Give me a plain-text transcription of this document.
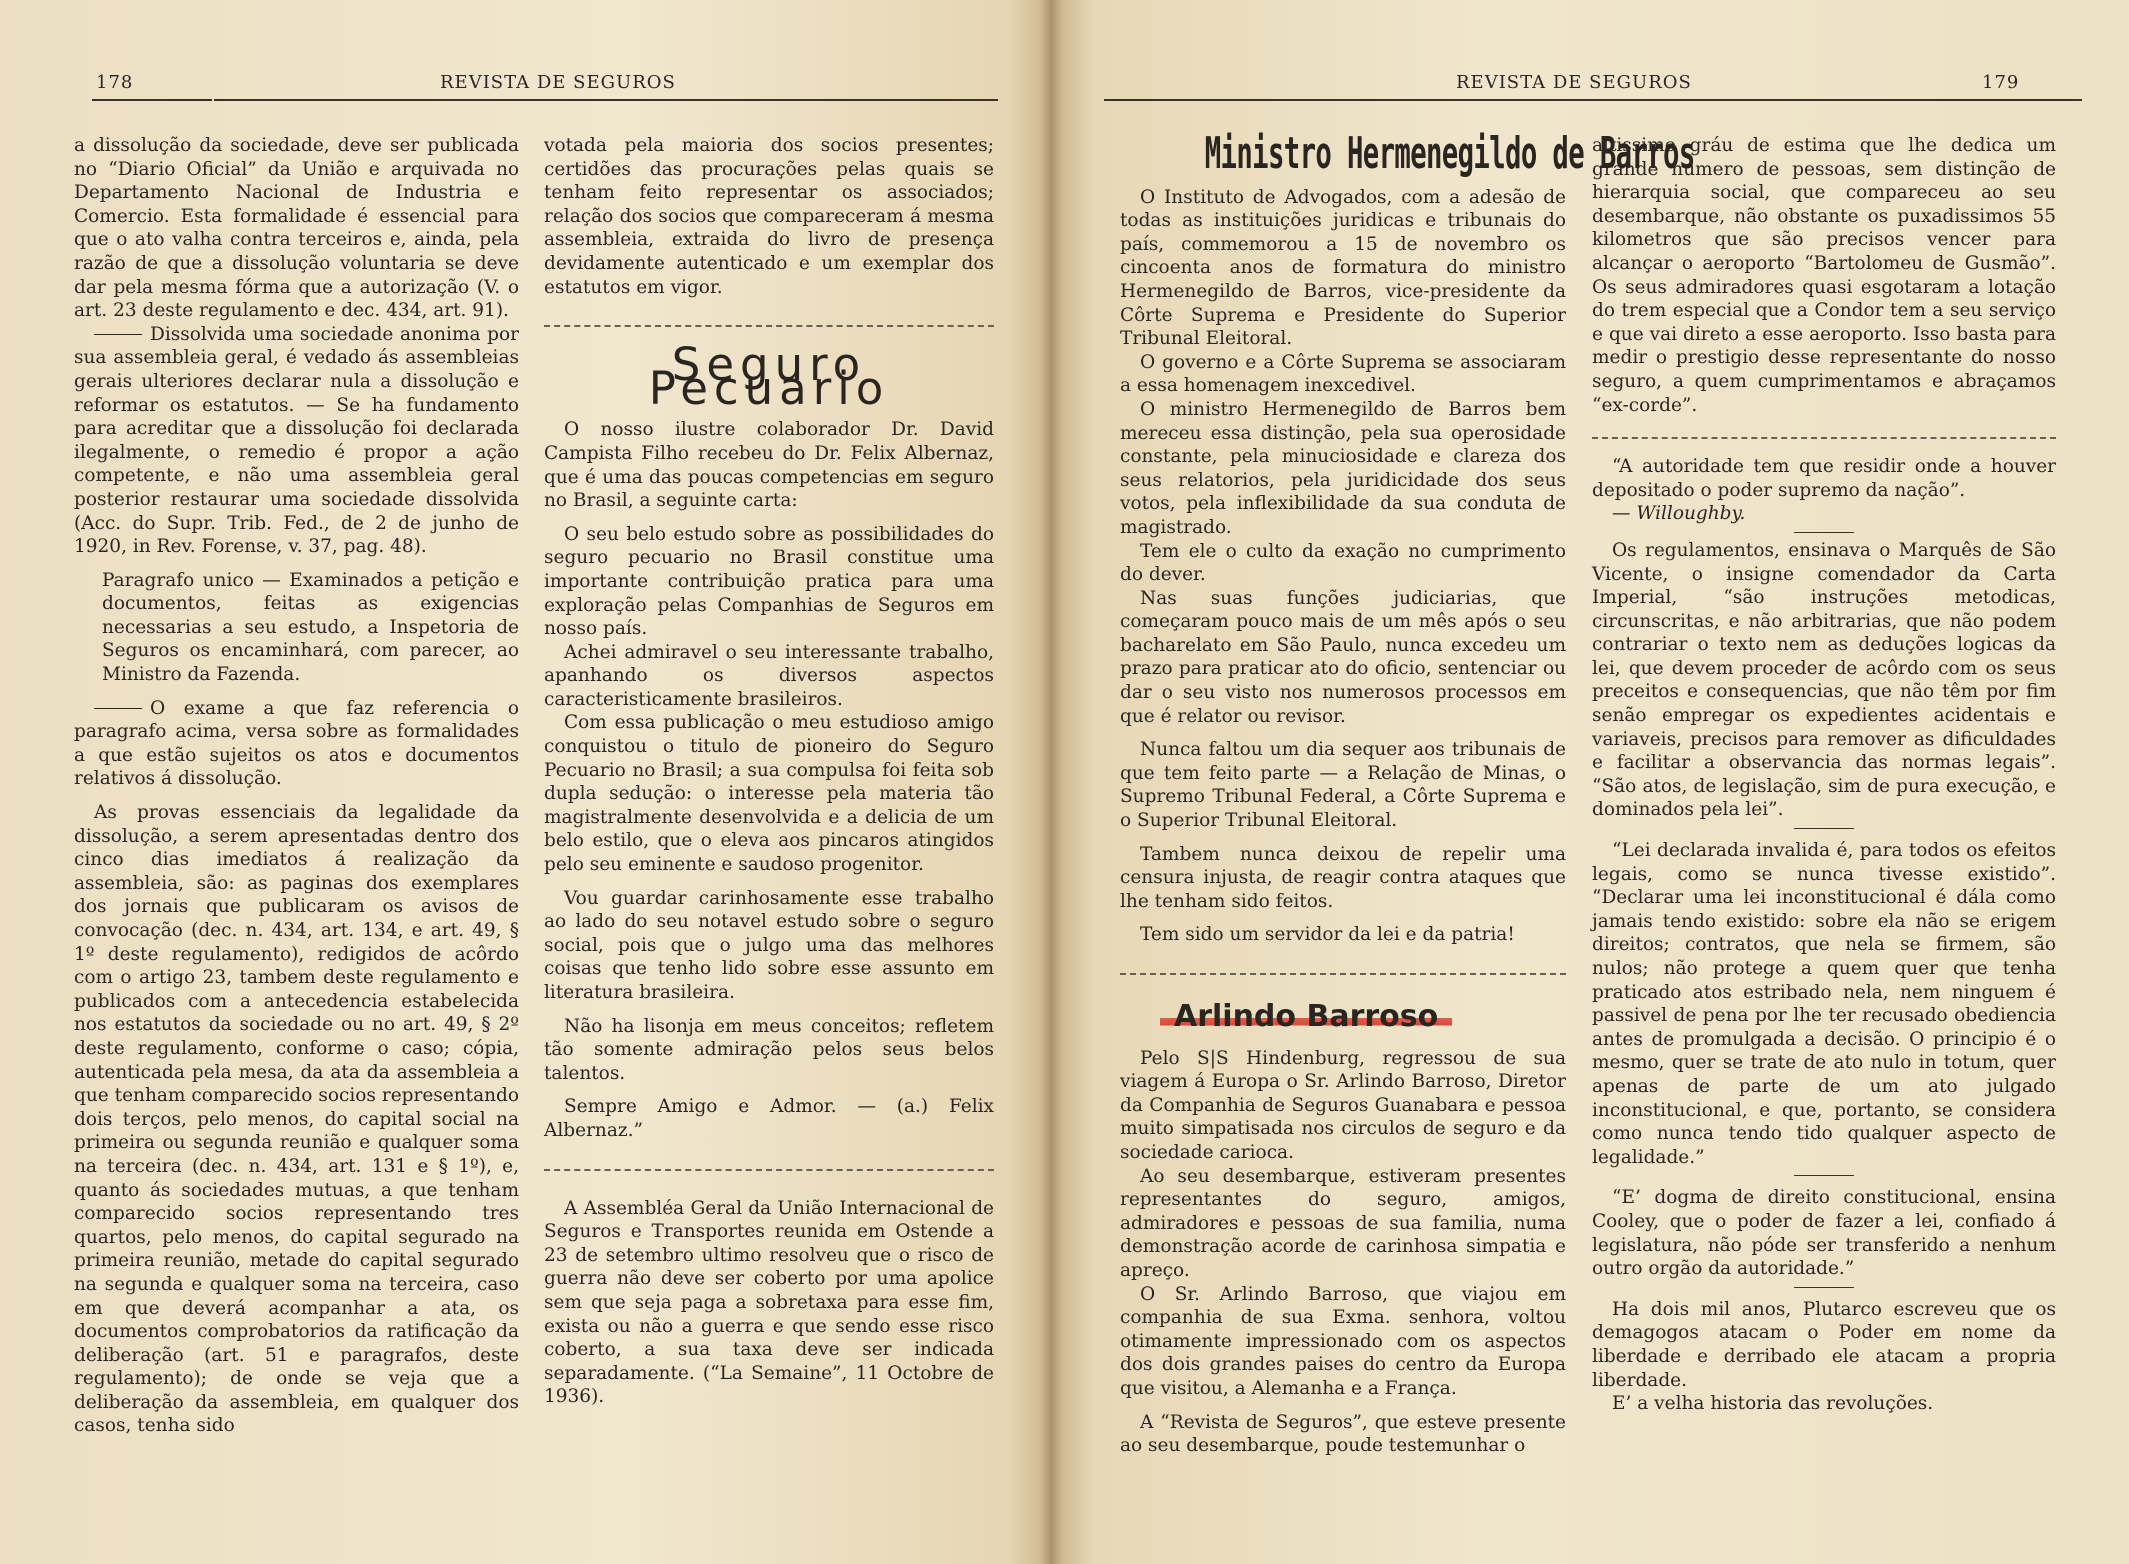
178	REVISTA DE SEGUROS

a dissolução da sociedade, deve ser publicada no “Diario Oficial” da União e arquivada no Departamento Nacional de Industria e Comercio. Esta formalidade é essencial para que o ato valha contra terceiros e, ainda, pela razão de que a dissolução voluntaria se deve dar pela mesma fórma que a autorização (V. o art. 23 deste regulamento e dec. 434, art. 91).

Dissolvida uma sociedade anonima por sua assembleia geral, é vedado ás assembleias gerais ulteriores declarar nula a dissolução e reformar os estatutos. — Se ha fundamento para acreditar que a dissolução foi declarada ilegalmente, o remedio é propor a ação competente, e não uma assembleia geral posterior restaurar uma sociedade dissolvida (Acc. do Supr. Trib. Fed., de 2 de junho de 1920, in Rev. Forense, v. 37, pag. 48).

Paragrafo unico — Examinados a petição e documentos, feitas as exigencias necessarias a seu estudo, a Inspetoria de Seguros os encaminhará, com parecer, ao Ministro da Fazenda.

O exame a que faz referencia o paragrafo acima, versa sobre as formalidades a que estão sujeitos os atos e documentos relativos á dissolução.

As provas essenciais da legalidade da dissolução, a serem apresentadas dentro dos cinco dias imediatos á realização da assembleia, são: as paginas dos exemplares dos jornais que publicaram os avisos de convocação (dec. n. 434, art. 134, e art. 49, § 1º deste regulamento), redigidos de acôrdo com o artigo 23, tambem deste regulamento e publicados com a antecedencia estabelecida nos estatutos da sociedade ou no art. 49, § 2º deste regulamento, conforme o caso; cópia, autenticada pela mesa, da ata da assembleia a que tenham comparecido socios representando dois terços, pelo menos, do capital social na primeira ou segunda reunião e qualquer soma na terceira (dec. n. 434, art. 131 e § 1º), e, quanto ás sociedades mutuas, a que tenham comparecido socios representando tres quartos, pelo menos, do capital segurado na primeira reunião, metade do capital segurado na segunda e qualquer soma na terceira, caso em que deverá acompanhar a ata, os documentos comprobatorios da ratificação da deliberação (art. 51 e paragrafos, deste regulamento); de onde se veja que a deliberação da assembleia, em qualquer dos casos, tenha sido

votada pela maioria dos socios presentes; certidões das procurações pelas quais se tenham feito representar os associados; relação dos socios que compareceram á mesma assembleia, extraida do livro de presença devidamente autenticado e um exemplar dos estatutos em vigor.

Seguro Pecuario

O nosso ilustre colaborador Dr. David Campista Filho recebeu do Dr. Felix Albernaz, que é uma das poucas competencias em seguro no Brasil, a seguinte carta:

O seu belo estudo sobre as possibilidades do seguro pecuario no Brasil constitue uma importante contribuição pratica para uma exploração pelas Companhias de Seguros em nosso país.

Achei admiravel o seu interessante trabalho, apanhando os diversos aspectos caracteristicamente brasileiros.

Com essa publicação o meu estudioso amigo conquistou o titulo de pioneiro do Seguro Pecuario no Brasil; a sua compulsa foi feita sob dupla sedução: o interesse pela materia tão magistralmente desenvolvida e a delicia de um belo estilo, que o eleva aos pincaros atingidos pelo seu eminente e saudoso progenitor.

Vou guardar carinhosamente esse trabalho ao lado do seu notavel estudo sobre o seguro social, pois que o julgo uma das melhores coisas que tenho lido sobre esse assunto em literatura brasileira.

Não ha lisonja em meus conceitos; refletem tão somente admiração pelos seus belos talentos.

Sempre Amigo e Admor. — (a.) Felix Albernaz.”

A Assembléa Geral da União Internacional de Seguros e Transportes reunida em Ostende a 23 de setembro ultimo resolveu que o risco de guerra não deve ser coberto por uma apolice sem que seja paga a sobretaxa para esse fim, exista ou não a guerra e que sendo esse risco coberto, a sua taxa deve ser indicada separadamente. (“La Semaine”, 11 Octobre de 1936).

REVISTA DE SEGUROS	179
Ministro Hermenegildo de Barros

O Instituto de Advogados, com a adesão de todas as instituições juridicas e tribunais do país, commemorou a 15 de novembro os cincoenta anos de formatura do ministro Hermenegildo de Barros, vice-presidente da Côrte Suprema e Presidente do Superior Tribunal Eleitoral.

O governo e a Côrte Suprema se associaram a essa homenagem inexcedivel.

O ministro Hermenegildo de Barros bem mereceu essa distinção, pela sua operosidade constante, pela minuciosidade e clareza dos seus relatorios, pela juridicidade dos seus votos, pela inflexibilidade da sua conduta de magistrado.

Tem ele o culto da exação no cumprimento do dever.

Nas suas funções judiciarias, que começaram pouco mais de um mês após o seu bacharelato em São Paulo, nunca excedeu um prazo para praticar ato do oficio, sentenciar ou dar o seu visto nos numerosos processos em que é relator ou revisor.

Nunca faltou um dia sequer aos tribunais de que tem feito parte — a Relação de Minas, o Supremo Tribunal Federal, a Côrte Suprema e o Superior Tribunal Eleitoral.

Tambem nunca deixou de repelir uma censura injusta, de reagir contra ataques que lhe tenham sido feitos.

Tem sido um servidor da lei e da patria!

Arlindo Barroso

Pelo S|S Hindenburg, regressou de sua viagem á Europa o Sr. Arlindo Barroso, Diretor da Companhia de Seguros Guanabara e pessoa muito simpatisada nos circulos de seguro e da sociedade carioca.

Ao seu desembarque, estiveram presentes representantes do seguro, amigos, admiradores e pessoas de sua familia, numa demonstração acorde de carinhosa simpatia e apreço.

O Sr. Arlindo Barroso, que viajou em companhia de sua Exma. senhora, voltou otimamente impressionado com os aspectos dos dois grandes paises do centro da Europa que visitou, a Alemanha e a França.

A “Revista de Seguros”, que esteve presente ao seu desembarque, poude testemunhar o

altissimo gráu de estima que lhe dedica um grande numero de pessoas, sem distinção de hierarquia social, que compareceu ao seu desembarque, não obstante os puxadissimos 55 kilometros que são precisos vencer para alcançar o aeroporto “Bartolomeu de Gusmão”. Os seus admiradores quasi esgotaram a lotação do trem especial que a Condor tem a seu serviço e que vai direto a esse aeroporto. Isso basta para medir o prestigio desse representante do nosso seguro, a quem cumprimentamos e abraçamos “ex-corde”.

“A autoridade tem que residir onde a houver depositado o poder supremo da nação”.

— Willoughby.

Os regulamentos, ensinava o Marquês de São Vicente, o insigne comendador da Carta Imperial, “são instruções metodicas, circunscritas, e não arbitrarias, que não podem contrariar o texto nem as deduções logicas da lei, que devem proceder de acôrdo com os seus preceitos e consequencias, que não têm por fim senão empregar os expedientes acidentais e variaveis, precisos para remover as dificuldades e facilitar a observancia das normas legais”. “São atos, de legislação, sim de pura execução, e dominados pela lei”.

“Lei declarada invalida é, para todos os efeitos legais, como se nunca tivesse existido”. “Declarar uma lei inconstitucional é dála como jamais tendo existido: sobre ela não se erigem direitos; contratos, que nela se firmem, são nulos; não protege a quem quer que tenha praticado atos estribado nela, nem ninguem é passivel de pena por lhe ter recusado obediencia antes de promulgada a decisão. O principio é o mesmo, quer se trate de ato nulo in totum, quer apenas de parte de um ato julgado inconstitucional, e que, portanto, se considera como nunca tendo tido qualquer aspecto de legalidade.”

“E’ dogma de direito constitucional, ensina Cooley, que o poder de fazer a lei, confiado á legislatura, não póde ser transferido a nenhum outro orgão da autoridade.”

Ha dois mil anos, Plutarco escreveu que os demagogos atacam o Poder em nome da liberdade e derribado ele atacam a propria liberdade.

E’ a velha historia das revoluções.
